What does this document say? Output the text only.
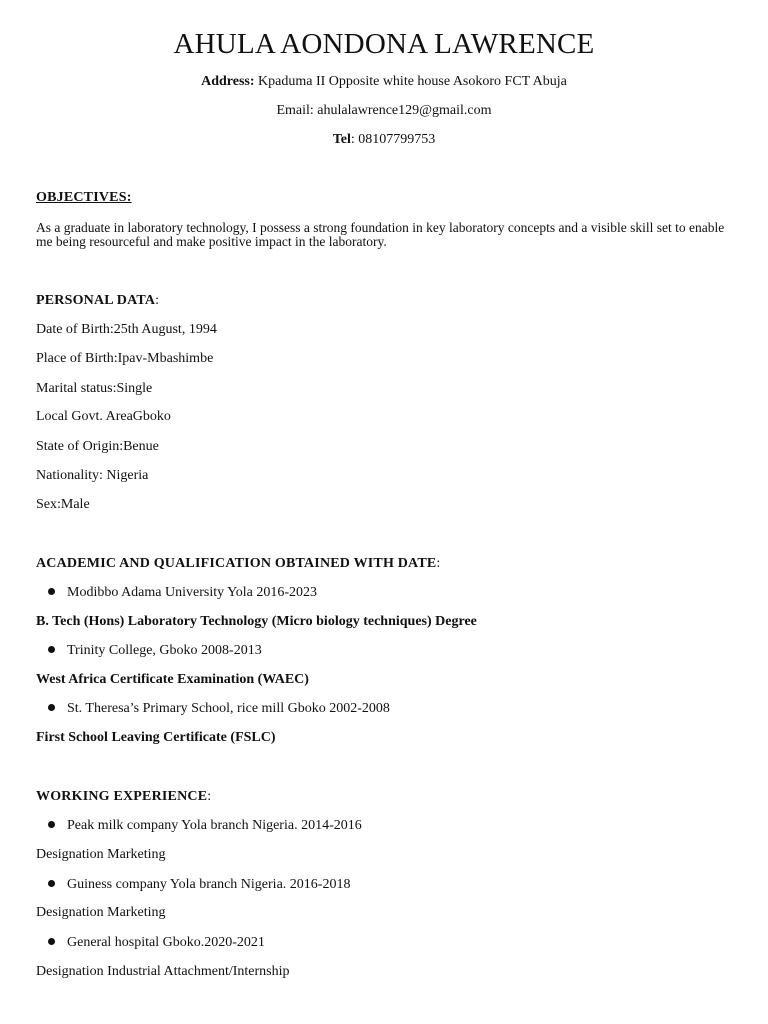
AHULA AONDONA LAWRENCE
Address: Kpaduma II Opposite white house Asokoro FCT Abuja
Email: ahulalawrence129@gmail.com
Tel: 08107799753
OBJECTIVES:

As a graduate in laboratory technology, I possess a strong foundation in key laboratory concepts and a visible skill set to enable me being resourceful and make positive impact in the laboratory.

PERSONAL DATA:
Date of Birth:25th August, 1994
Place of Birth:Ipav-Mbashimbe
Marital status:Single
Local Govt. AreaGboko
State of Origin:Benue
Nationality: Nigeria
Sex:Male
ACADEMIC AND QUALIFICATION OBTAINED WITH DATE:
Modibbo Adama University Yola 2016-2023
B. Tech (Hons) Laboratory Technology (Micro biology techniques) Degree
Trinity College, Gboko 2008-2013
West Africa Certificate Examination (WAEC)
St. Theresa’s Primary School, rice mill Gboko 2002-2008
First School Leaving Certificate (FSLC)
WORKING EXPERIENCE:
Peak milk company Yola branch Nigeria. 2014-2016
Designation Marketing
Guiness company Yola branch Nigeria. 2016-2018
Designation Marketing
General hospital Gboko.2020-2021
Designation Industrial Attachment/Internship
